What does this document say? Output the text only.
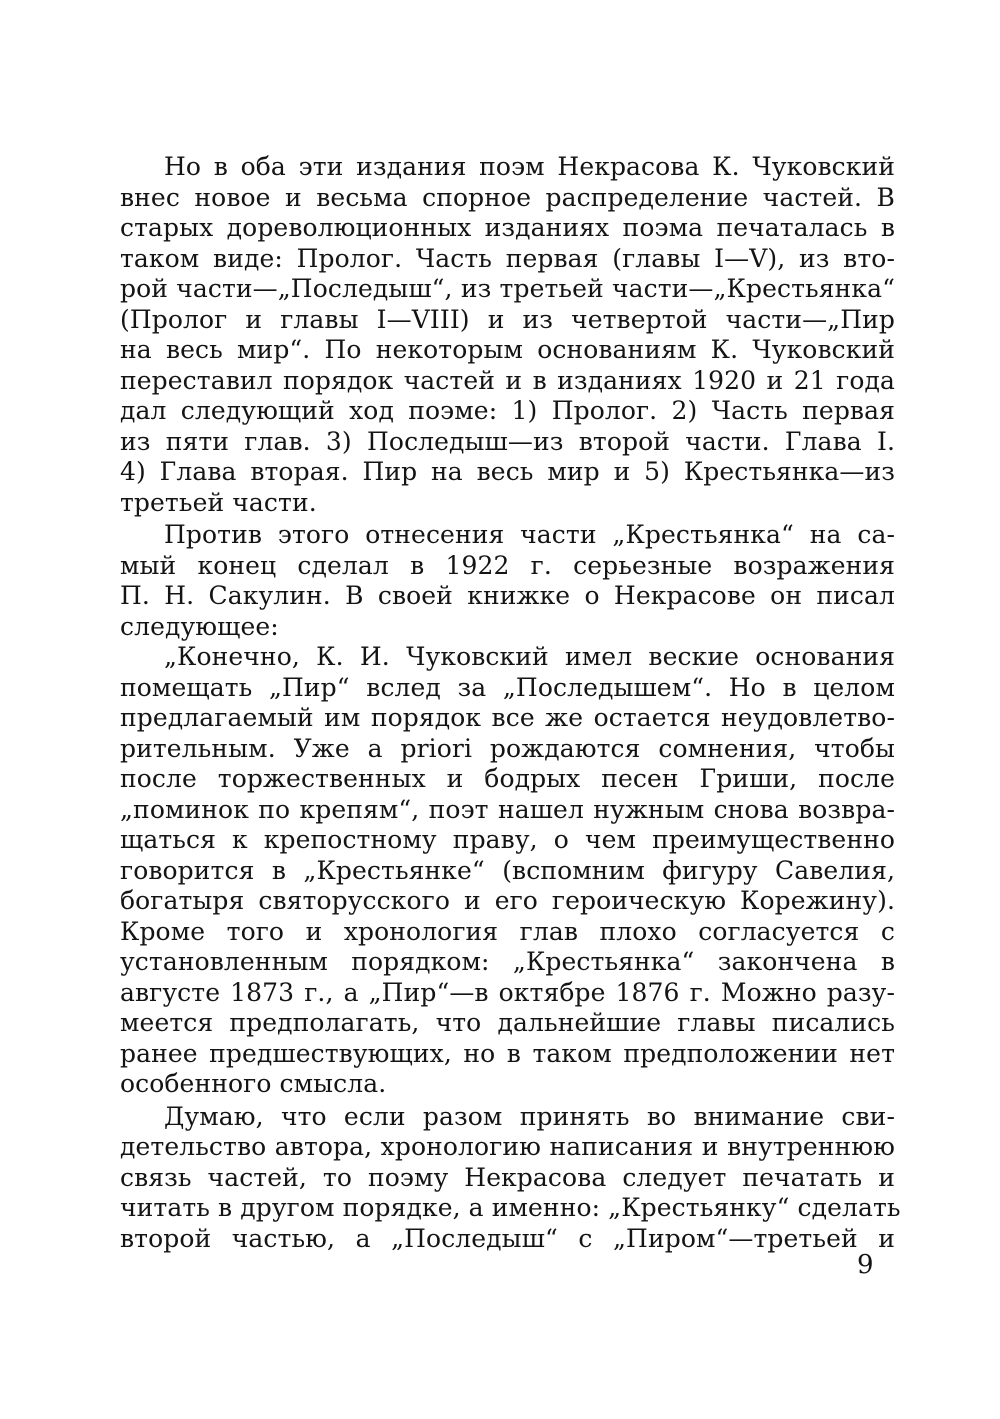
Но в оба эти издания поэм Некрасова К. Чуковский
внес новое и весьма спорное распределение частей. В
старых дореволюционных изданиях поэма печаталась в
таком виде: Пролог. Часть первая (главы I—V), из вто-
рой части—„Последыш“, из третьей части—„Крестьянка“
(Пролог и главы I—VIII) и из четвертой части—„Пир
на весь мир“. По некоторым основаниям К. Чуковский
переставил порядок частей и в изданиях 1920 и 21 года
дал следующий ход поэме: 1) Пролог. 2) Часть первая
из пяти глав. 3) Последыш—из второй части. Глава I.
4) Глава вторая. Пир на весь мир и 5) Крестьянка—из
третьей части.
Против этого отнесения части „Крестьянка“ на са-
мый конец сделал в 1922 г. серьезные возражения
П. Н. Сакулин. В своей книжке о Некрасове он писал
следующее:
„Конечно, К. И. Чуковский имел веские основания
помещать „Пир“ вслед за „Последышем“. Но в целом
предлагаемый им порядок все же остается неудовлетво-
рительным. Уже a priori рождаются сомнения, чтобы
после торжественных и бодрых песен Гриши, после
„поминок по крепям“, поэт нашел нужным снова возвра-
щаться к крепостному праву, о чем преимущественно
говорится в „Крестьянке“ (вспомним фигуру Савелия,
богатыря святорусского и его героическую Корежину).
Кроме того и хронология глав плохо согласуется с
установленным порядком: „Крестьянка“ закончена в
августе 1873 г., а „Пир“—в октябре 1876 г. Можно разу-
меется предполагать, что дальнейшие главы писались
ранее предшествующих, но в таком предположении нет
особенного смысла.
Думаю, что если разом принять во внимание сви-
детельство автора, хронологию написания и внутреннюю
связь частей, то поэму Некрасова следует печатать и
читать в другом порядке, а именно: „Крестьянку“ сделать
второй частью, а „Последыш“ с „Пиром“—третьей и
9
